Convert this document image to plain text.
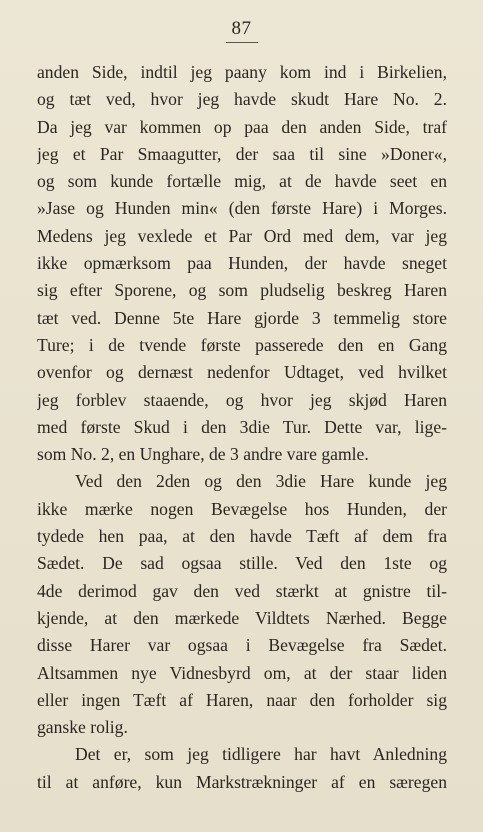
87
anden Side, indtil jeg paany kom ind i Birkelien,
og tæt ved, hvor jeg havde skudt Hare No. 2.
Da jeg var kommen op paa den anden Side, traf
jeg et Par Smaagutter, der saa til sine »Doner«,
og som kunde fortælle mig, at de havde seet en
»Jase og Hunden min« (den første Hare) i Morges.
Medens jeg vexlede et Par Ord med dem, var jeg
ikke opmærksom paa Hunden, der havde sneget
sig efter Sporene, og som pludselig beskreg Haren
tæt ved. Denne 5te Hare gjorde 3 temmelig store
Ture; i de tvende første passerede den en Gang
ovenfor og dernæst nedenfor Udtaget, ved hvilket
jeg forblev staaende, og hvor jeg skjød Haren
med første Skud i den 3die Tur. Dette var, lige-
som No. 2, en Unghare, de 3 andre vare gamle.
Ved den 2den og den 3die Hare kunde jeg
ikke mærke nogen Bevægelse hos Hunden, der
tydede hen paa, at den havde Tæft af dem fra
Sædet. De sad ogsaa stille. Ved den 1ste og
4de derimod gav den ved stærkt at gnistre til-
kjende, at den mærkede Vildtets Nærhed. Begge
disse Harer var ogsaa i Bevægelse fra Sædet.
Altsammen nye Vidnesbyrd om, at der staar liden
eller ingen Tæft af Haren, naar den forholder sig
ganske rolig.
Det er, som jeg tidligere har havt Anledning
til at anføre, kun Markstrækninger af en særegen
